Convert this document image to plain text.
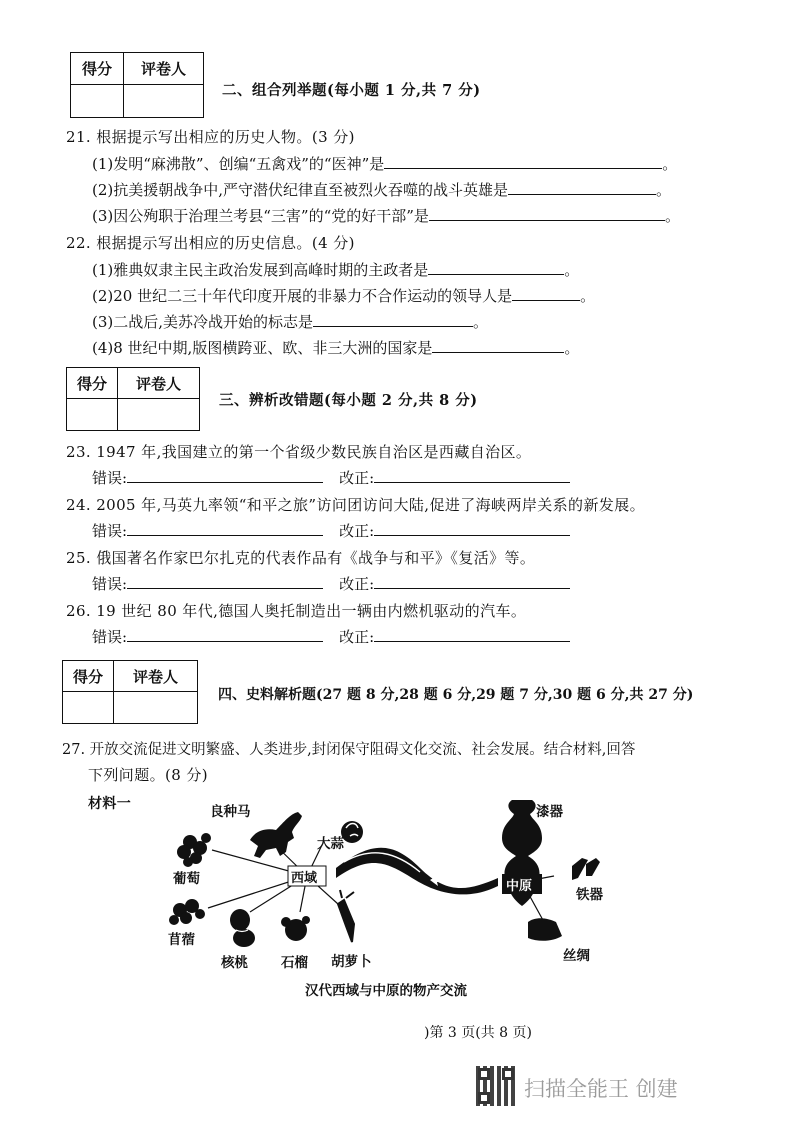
得分	评卷人

二、组合列举题(每小题 1 分,共 7 分)
21. 根据提示写出相应的历史人物。(3 分)
(1)发明“麻沸散”、创编“五禽戏”的“医神”是	。
(2)抗美援朝战争中,严守潜伏纪律直至被烈火吞噬的战斗英雄是	。
(3)因公殉职于治理兰考县“三害”的“党的好干部”是	。
22. 根据提示写出相应的历史信息。(4 分)
(1)雅典奴隶主民主政治发展到高峰时期的主政者是	。
(2)20 世纪二三十年代印度开展的非暴力不合作运动的领导人是	。
(3)二战后,美苏冷战开始的标志是	。
(4)8 世纪中期,版图横跨亚、欧、非三大洲的国家是	。
得分	评卷人

三、辨析改错题(每小题 2 分,共 8 分)
23. 1947 年,我国建立的第一个省级少数民族自治区是西藏自治区。
错误:	改正:
24. 2005 年,马英九率领“和平之旅”访问团访问大陆,促进了海峡两岸关系的新发展。
错误:	改正:
25. 俄国著名作家巴尔扎克的代表作品有《战争与和平》《复活》等。
错误:	改正:
26. 19 世纪 80 年代,德国人奥托制造出一辆由内燃机驱动的汽车。
错误:	改正:
得分	评卷人

四、史料解析题(27 题 8 分,28 题 6 分,29 题 7 分,30 题 6 分,共 27 分)
27. 开放交流促进文明繁盛、人类进步,封闭保守阻碍文化交流、社会发展。结合材料,回答
下列问题。(8 分)
材料一
西域
中原
良种马
大蒜
葡萄
苜蓿
核桃 石榴 胡萝卜
漆器
铁器
丝绸
汉代西域与中原的物产交流
)第 3 页(共 8 页)
扫描全能王 创建
